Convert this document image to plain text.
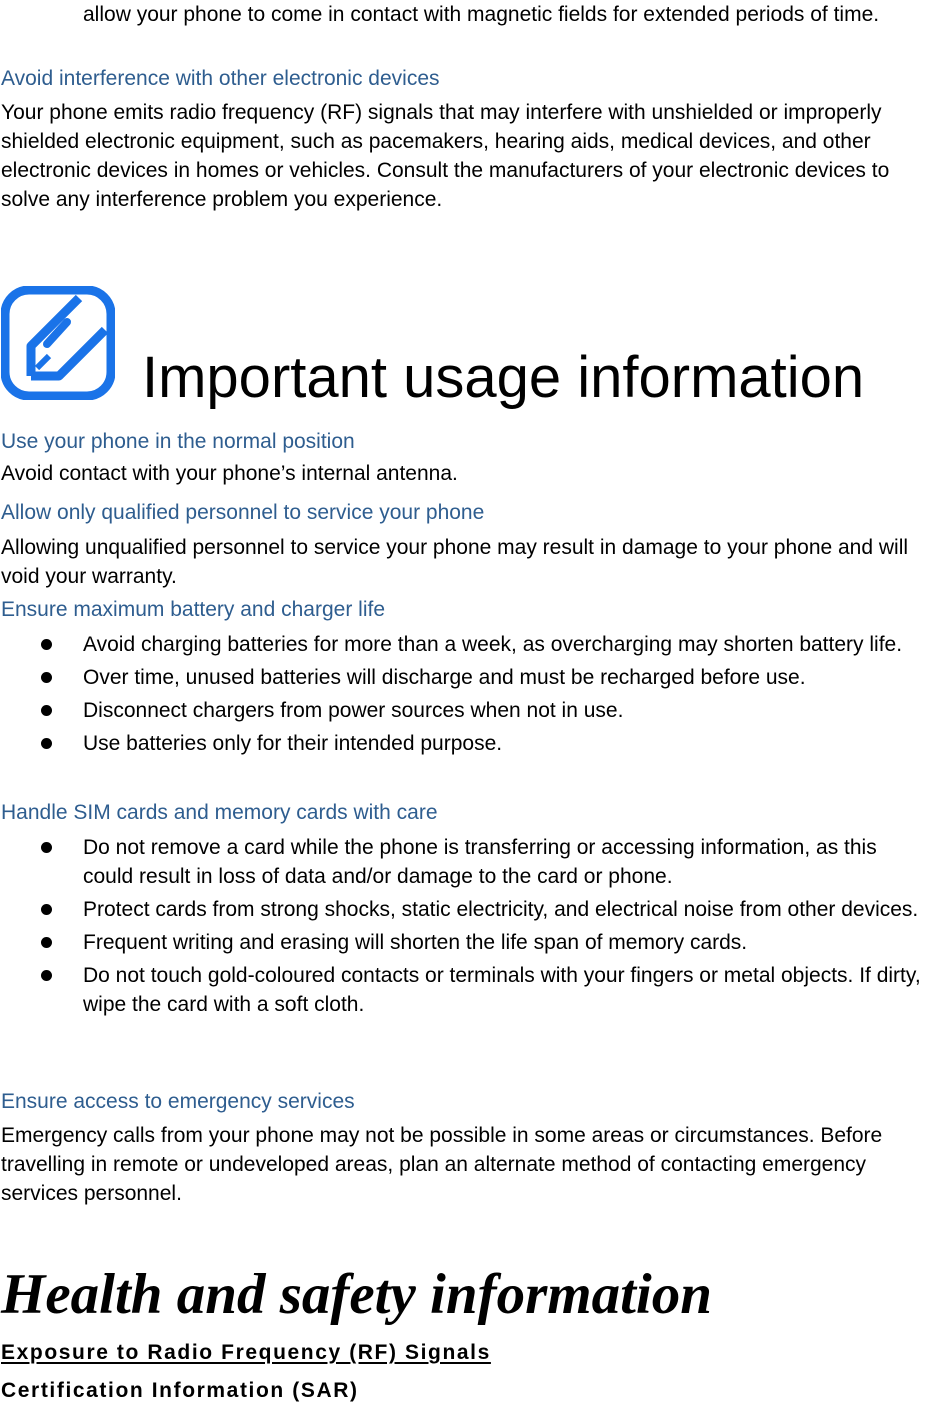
allow your phone to come in contact with magnetic fields for extended periods of time.

Avoid interference with other electronic devices

Your phone emits radio frequency (RF) signals that may interfere with unshielded or improperly shielded electronic equipment, such as pacemakers, hearing aids, medical devices, and other electronic devices in homes or vehicles. Consult the manufacturers of your electronic devices to solve any interference problem you experience.

Important usage information

Use your phone in the normal position

Avoid contact with your phone’s internal antenna.

Allow only qualified personnel to service your phone

Allowing unqualified personnel to service your phone may result in damage to your phone and will void your warranty.

Ensure maximum battery and charger life

Avoid charging batteries for more than a week, as overcharging may shorten battery life.
Over time, unused batteries will discharge and must be recharged before use.
Disconnect chargers from power sources when not in use.
Use batteries only for their intended purpose.

Handle SIM cards and memory cards with care

Do not remove a card while the phone is transferring or accessing information, as this could result in loss of data and/or damage to the card or phone.
Protect cards from strong shocks, static electricity, and electrical noise from other devices.
Frequent writing and erasing will shorten the life span of memory cards.
Do not touch gold-coloured contacts or terminals with your fingers or metal objects. If dirty, wipe the card with a soft cloth.

Ensure access to emergency services

Emergency calls from your phone may not be possible in some areas or circumstances. Before travelling in remote or undeveloped areas, plan an alternate method of contacting emergency services personnel.

Health and safety information

Exposure to Radio Frequency (RF) Signals

Certification Information (SAR)
